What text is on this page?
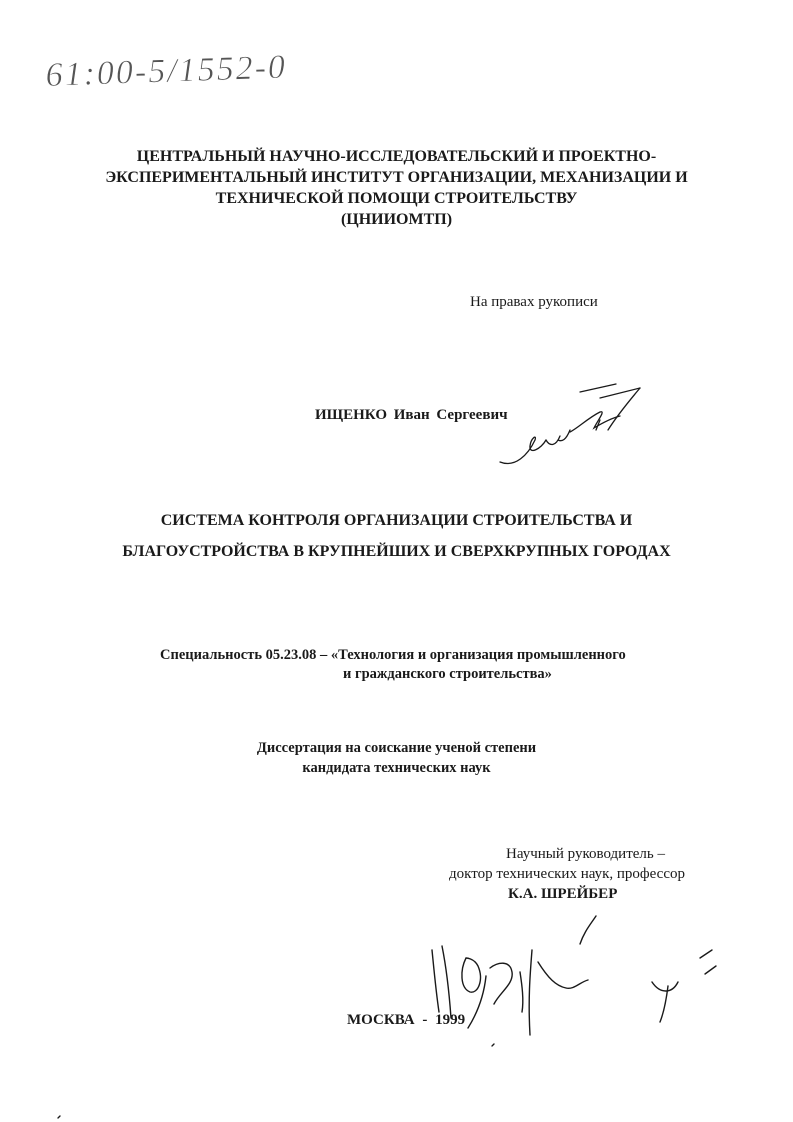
61:00-5/1552-0
ЦЕНТРАЛЬНЫЙ НАУЧНО-ИССЛЕДОВАТЕЛЬСКИЙ И ПРОЕКТНО-
ЭКСПЕРИМЕНТАЛЬНЫЙ ИНСТИТУТ ОРГАНИЗАЦИИ, МЕХАНИЗАЦИИ И
ТЕХНИЧЕСКОЙ ПОМОЩИ СТРОИТЕЛЬСТВУ
(ЦНИИОМТП)
На правах рукописи
ИЩЕНКО Иван Сергеевич
СИСТЕМА КОНТРОЛЯ ОРГАНИЗАЦИИ СТРОИТЕЛЬСТВА И
БЛАГОУСТРОЙСТВА В КРУПНЕЙШИХ И СВЕРХКРУПНЫХ ГОРОДАХ
Специальность 05.23.08 – «Технология и организация промышленного
и гражданского строительства»
Диссертация на соискание ученой степени
кандидата технических наук
Научный руководитель –
доктор технических наук, профессор
К.А. ШРЕЙБЕР
МОСКВА - 1999
